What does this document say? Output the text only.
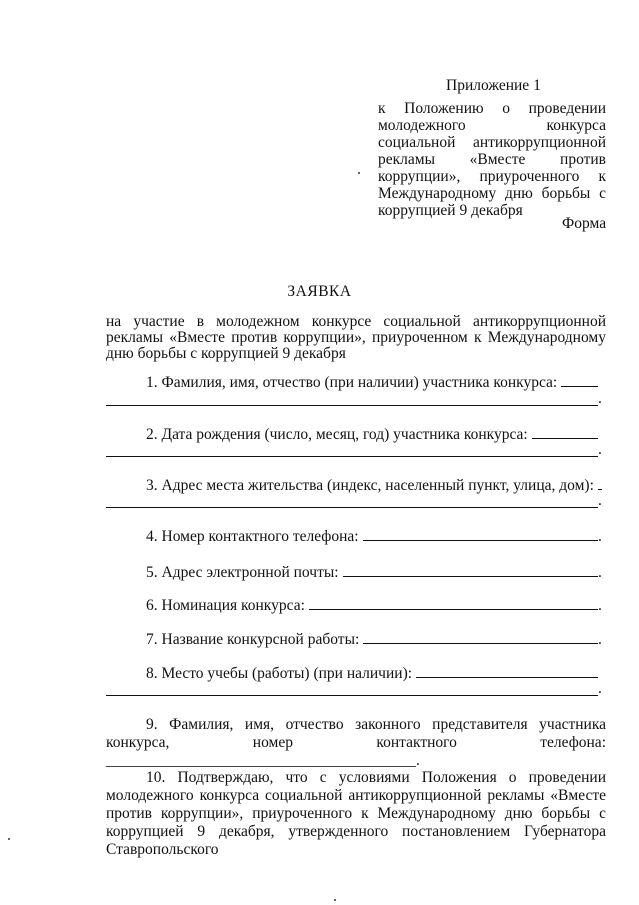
Приложение 1
к Положению о проведении молодежного конкурса социальной антикоррупционной рекламы «Вместе против коррупции», приуроченного к Международному дню борьбы с коррупцией 9 декабря
Форма
ЗАЯВКА
на участие в молодежном конкурсе социальной антикоррупционной рекламы «Вместе против коррупции», приуроченном к Международному дню борьбы с коррупцией 9 декабря
1. Фамилия, имя, отчество (при наличии) участника конкурса:
.
2. Дата рождения (число, месяц, год) участника конкурса:
.
3. Адрес места жительства (индекс, населенный пункт, улица, дом):
.
4. Номер контактного телефона:	.
5. Адрес электронной почты:	.
6. Номинация конкурса:	.
7. Название конкурсной работы:	.
8. Место учебы (работы) (при наличии):
.
9. Фамилия, имя, отчество законного представителя участника конкурса, номер контактного телефона: ________________________________________.
10. Подтверждаю, что с условиями Положения о проведении молодежного конкурса социальной антикоррупционной рекламы «Вместе против коррупции», приуроченного к Международному дню борьбы с коррупцией 9 декабря, утвержденного постановлением Губернатора Ставропольского
